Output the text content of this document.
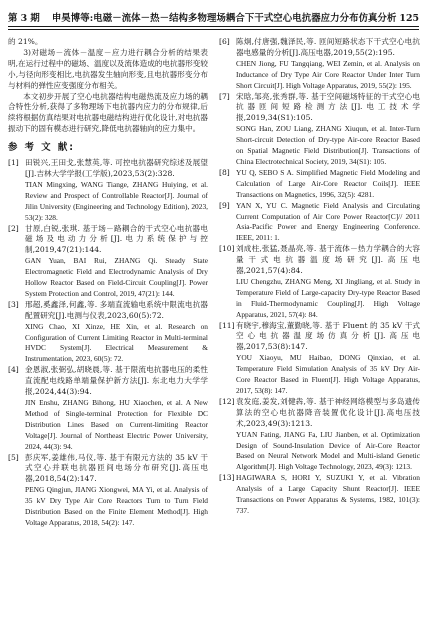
第 3 期 申昊博等:电磁－流体－热－结构多物理场耦合下干式空心电抗器应力分布仿真分析 125

的 21%。

3)对磁场－流体－温度－应力进行耦合分析的结果表明,在运行过程中的磁场、温度以及流体造成的电抗器形变较小,与径向形变相比,电抗器发生轴向形变,且电抗器形变分布与材料的弹性应变强度分布相关。

本文初步开展了空心电抗器结构电磁热流及应力场的耦合特性分析,获得了多物理场下电抗器内应力的分布规律,后续将根据仿真结果对电抗器电磁结构进行优化设计,对电抗器振动下的固有模态进行研究,降低电抗器轴向的应力集中。

参 考 文 献:
[1] 田锐兴,王田戈,张慧英,等. 可控电抗器研究综述及展望[J].吉林大学学报(工学版),2023,53(2):328.
TIAN Mingxing, WANG Tiange, ZHANG Huiying, et al. Review and Prospect of Controllable Reactor[J]. Journal of Jilin University (Engineering and Technology Edition), 2023, 53(2): 328.
[2] 甘原,白锐,张琪. 基于场－路耦合的干式空心电抗器电磁场及电动力分析[J].电力系统保护与控制,2019,47(21):144.
GAN Yuan, BAI Rui, ZHANG Qi. Steady State Electromagnetic Field and Electrodynamic Analysis of Dry Hollow Reactor Based on Field-Circuit Coupling[J]. Power System Protection and Control, 2019, 47(21): 144.
[3] 邢超,奚鑫泽,何鑫,等. 多端直流输电系统中限流电抗器配置研究[J].电测与仪表,2023,60(5):72.
XING Chao, XI Xinze, HE Xin, et al. Research on Configuration of Current Limiting Reactor in Multi-terminal HVDC System[J]. Electrical Measurement & Instrumentation, 2023, 60(5): 72.
[4] 金恩淑,张弼弘,胡晓晨,等. 基于限流电抗器电压的柔性直流配电线路单端量保护新方法[J]. 东北电力大学学报,2024,44(3):94.
JIN Enshu, ZHANG Bihong, HU Xiaochen, et al. A New Method of Single-terminal Protection for Flexible DC Distribution Lines Based on Current-limiting Reactor Voltage[J]. Journal of Northeast Electric Power University, 2024, 44(3): 94.
[5] 彭庆军,姜雄伟,马仪,等. 基于有限元方法的 35 kV 干式空心并联电抗器匝间电场分布研究[J].高压电器,2018,54(2):147.
PENG Qingjun, JIANG Xiongwei, MA Yi, et al. Analysis of 35 kV Dry Type Air Core Reactors Turn to Turn Field Distribution Based on the Finite Element Method[J]. High Voltage Apparatus, 2018, 54(2): 147.
[6] 陈炯,付唐强,魏泽民,等. 匝间短路状态下干式空心电抗器电感量的分析[J].高压电器,2019,55(2):195.
CHEN Jiong, FU Tangqiang, WEI Zemin, et al. Analysis on Inductance of Dry Type Air Core Reactor Under Inter Turn Short Circuit[J]. High Voltage Apparatus, 2019, 55(2): 195.
[7] 宋晗,邹亮,张秀群,等. 基于空间磁场特征的干式空心电抗器匝间短路检测方法[J].电工技术学报,2019,34(S1):105.
SONG Han, ZOU Liang, ZHANG Xiuqun, et al. Inter-Turn Short-circuit Detection of Dry-type Air-core Reactor Based on Spatial Magnetic Field Distribution[J]. Transactions of China Electrotechnical Society, 2019, 34(S1): 105.
[8] YU Q, SEBO S A. Simplified Magnetic Field Modeling and Calculation of Large Air-Core Reactor Coils[J]. IEEE Transactions on Magnetics, 1996, 32(5): 4281.
[9] YAN X, YU C. Magnetic Field Analysis and Circulating Current Computation of Air Core Power Reactor[C]// 2011 Asia-Pacific Power and Energy Engineering Conference. IEEE, 2011: 1.
[10] 刘成柱,张猛,聂晶亮,等. 基于流体－热力学耦合的大容量干式电抗器温度场研究[J].高压电器,2021,57(4):84.
LIU Chengzhu, ZHANG Meng, XI Jingliang, et al. Study in Temperature Field of Large-capacity Dry-type Reactor Based in Fluid-Thermodynamic Coupling[J]. High Voltage Apparatus, 2021, 57(4): 84.
[11] 有晓宇,穆海宝,董勤晓,等. 基于 Fluent 的 35 kV 干式空心电抗器温度场仿真分析[J].高压电器,2017,53(8):147.
YOU Xiaoyu, MU Haibao, DONG Qinxiao, et al. Temperature Field Simulation Analysis of 35 kV Dry Air-Core Reactor Based in Fluent[J]. High Voltage Apparatus, 2017, 53(8): 147.
[12] 袁发庭,姜发,刘健犇,等. 基于神经网络模型与多岛遗传算法的空心电抗器降音装置优化设计[J].高电压技术,2023,49(3):1213.
YUAN Fating, JIANG Fa, LIU Jianben, et al. Optimization Design of Sound-Insulation Device of Air-Core Reactor Based on Neural Network Model and Multi-island Genetic Algorithm[J]. High Voltage Technology, 2023, 49(3): 1213.
[13] HAGIWARA S, HORI Y, SUZUKI Y, et al. Vibration Analysis of a Large Capacity Shunt Reactor[J]. IEEE Transactions on Power Apparatus & Systems, 1982, 101(3): 737.
